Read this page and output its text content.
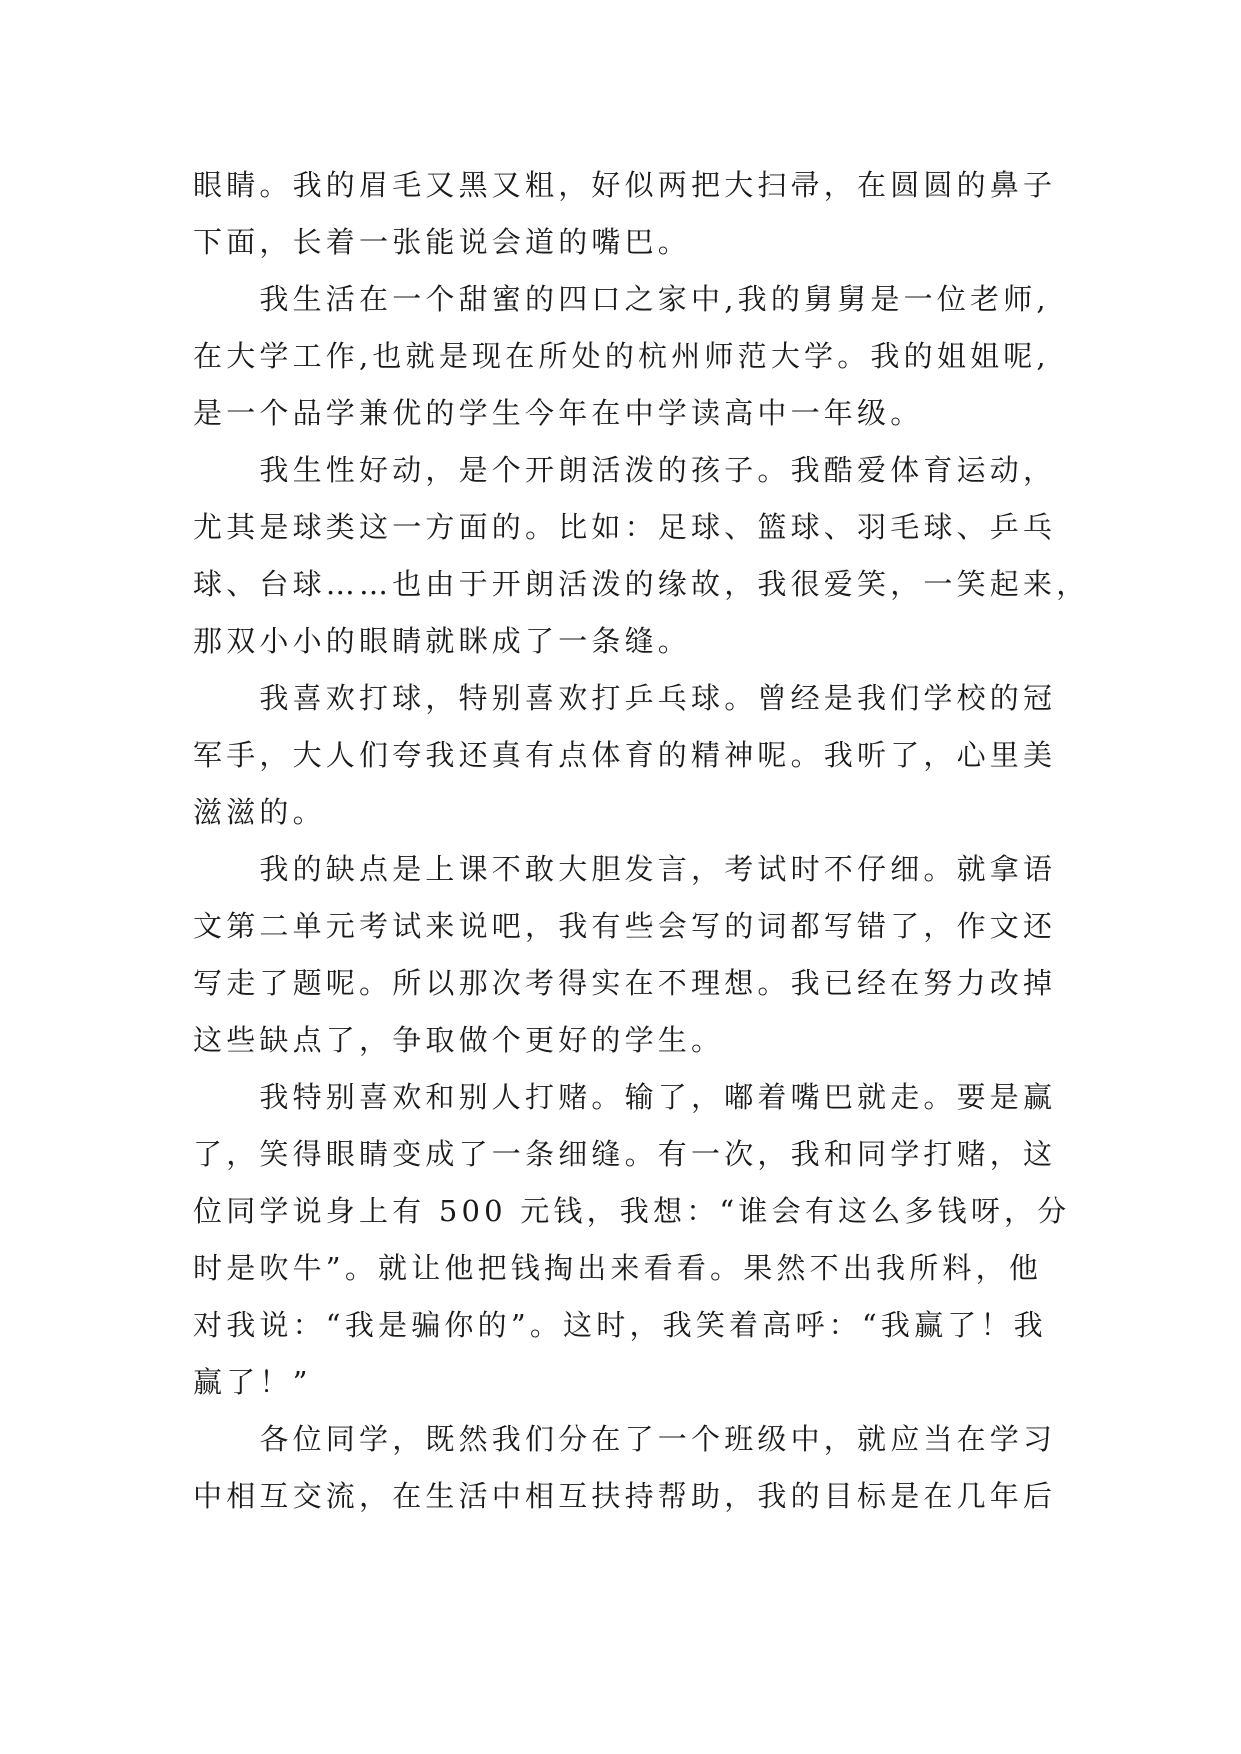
眼睛。我的眉毛又黑又粗，好似两把大扫帚，在圆圆的鼻子
下面，长着一张能说会道的嘴巴。
　　我生活在一个甜蜜的四口之家中,我的舅舅是一位老师,
在大学工作,也就是现在所处的杭州师范大学。我的姐姐呢,
是一个品学兼优的学生今年在中学读高中一年级。
　　我生性好动，是个开朗活泼的孩子。我酷爱体育运动，
尤其是球类这一方面的。比如：足球、篮球、羽毛球、乒乓
球、台球……也由于开朗活泼的缘故，我很爱笑，一笑起来，
那双小小的眼睛就眯成了一条缝。
　　我喜欢打球，特别喜欢打乒乓球。曾经是我们学校的冠
军手，大人们夸我还真有点体育的精神呢。我听了，心里美
滋滋的。
　　我的缺点是上课不敢大胆发言，考试时不仔细。就拿语
文第二单元考试来说吧，我有些会写的词都写错了，作文还
写走了题呢。所以那次考得实在不理想。我已经在努力改掉
这些缺点了，争取做个更好的学生。
　　我特别喜欢和别人打赌。输了，嘟着嘴巴就走。要是赢
了，笑得眼睛变成了一条细缝。有一次，我和同学打赌，这
位同学说身上有 500 元钱，我想：“谁会有这么多钱呀，分
时是吹牛”。就让他把钱掏出来看看。果然不出我所料，他
对我说：“我是骗你的”。这时，我笑着高呼：“我赢了！我
赢了！”
　　各位同学，既然我们分在了一个班级中，就应当在学习
中相互交流，在生活中相互扶持帮助，我的目标是在几年后
